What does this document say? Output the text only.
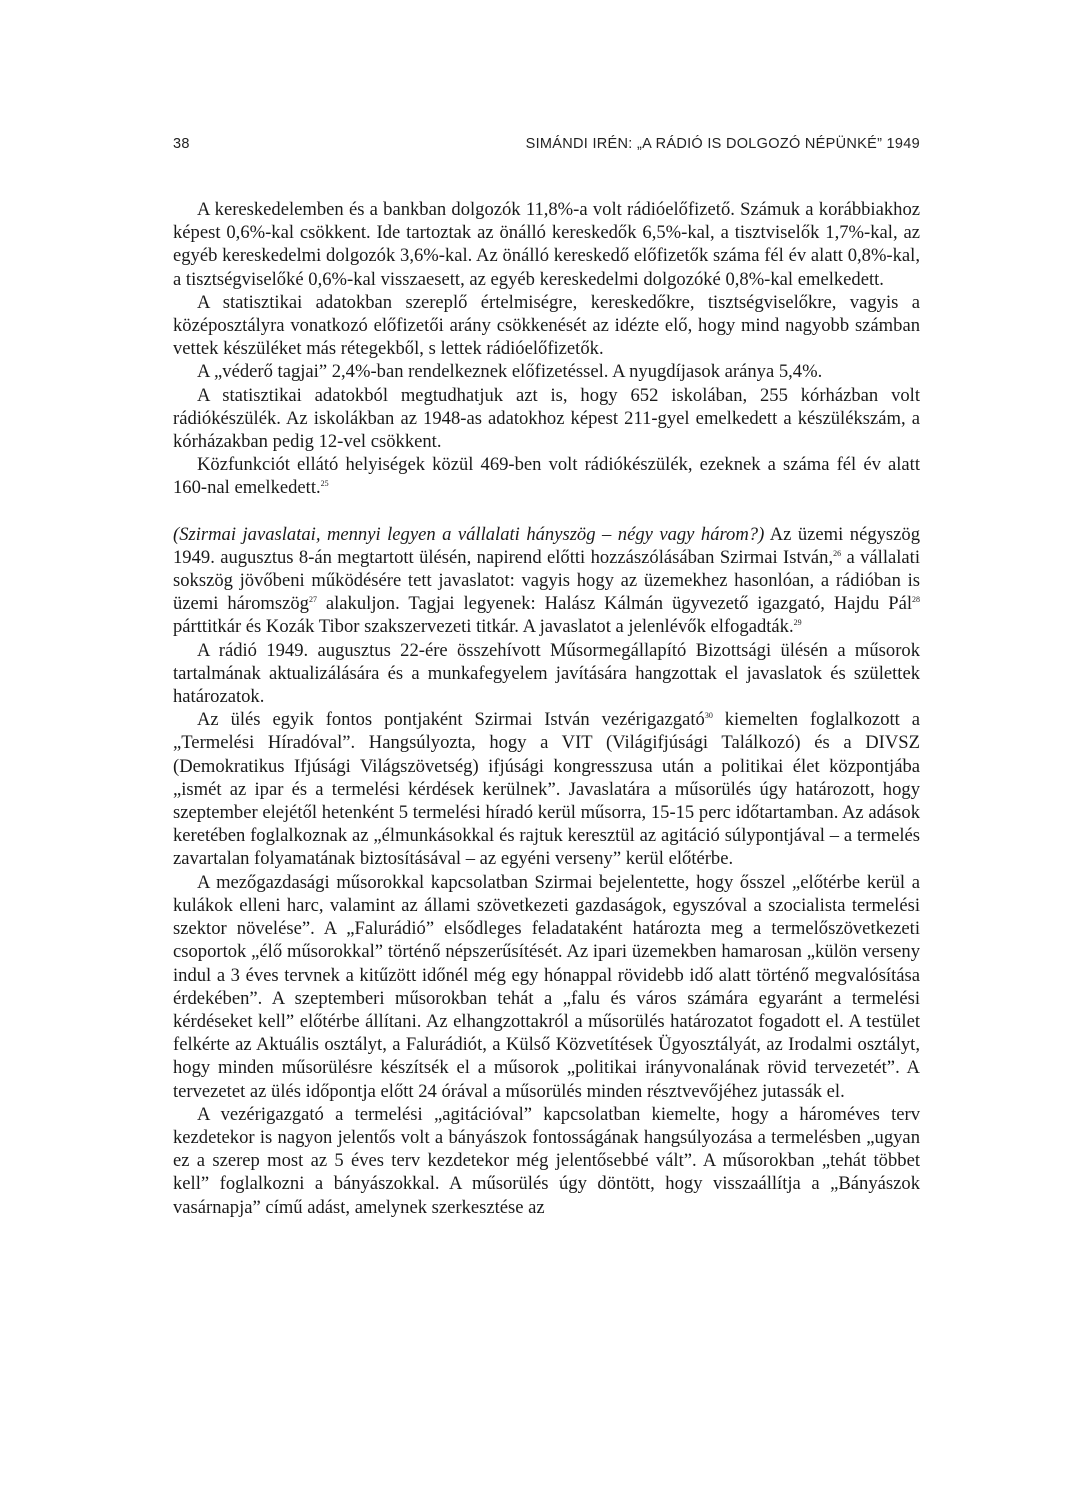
38	SIMÁNDI IRÉN: „A RÁDIÓ IS DOLGOZÓ NÉPÜNKÉ” 1949

A kereskedelemben és a bankban dolgozók 11,8%-a volt rádióelőfizető. Számuk a korábbiakhoz képest 0,6%-kal csökkent. Ide tartoztak az önálló kereskedők 6,5%-kal, a tisztviselők 1,7%-kal, az egyéb kereskedelmi dolgozók 3,6%-kal. Az önálló kereskedő előfizetők száma fél év alatt 0,8%-kal, a tisztségviselőké 0,6%-kal visszaesett, az egyéb kereskedelmi dolgozóké 0,8%-kal emelkedett.

A statisztikai adatokban szereplő értelmiségre, kereskedőkre, tisztségviselőkre, vagyis a középosztályra vonatkozó előfizetői arány csökkenését az idézte elő, hogy mind nagyobb számban vettek készüléket más rétegekből, s lettek rádióelőfizetők.

A „véderő tagjai” 2,4%-ban rendelkeznek előfizetéssel. A nyugdíjasok aránya 5,4%.

A statisztikai adatokból megtudhatjuk azt is, hogy 652 iskolában, 255 kórházban volt rádiókészülék. Az iskolákban az 1948-as adatokhoz képest 211-gyel emelkedett a készülékszám, a kórházakban pedig 12-vel csökkent.

Közfunkciót ellátó helyiségek közül 469-ben volt rádiókészülék, ezeknek a száma fél év alatt 160-nal emelkedett.$^{25}$

(Szirmai javaslatai, mennyi legyen a vállalati hányszög – négy vagy három?) Az üzemi négyszög 1949. augusztus 8-án megtartott ülésén, napirend előtti hozzászólásában Szirmai István,$^{26}$ a vállalati sokszög jövőbeni működésére tett javaslatot: vagyis hogy az üzemekhez hasonlóan, a rádióban is üzemi háromszög$^{27}$ alakuljon. Tagjai legyenek: Halász Kálmán ügyvezető igazgató, Hajdu Pál$^{28}$ párttitkár és Kozák Tibor szakszervezeti titkár. A javaslatot a jelenlévők elfogadták.$^{29}$

A rádió 1949. augusztus 22-ére összehívott Műsormegállapító Bizottsági ülésén a műsorok tartalmának aktualizálására és a munkafegyelem javítására hangzottak el javaslatok és születtek határozatok.

Az ülés egyik fontos pontjaként Szirmai István vezérigazgató$^{30}$ kiemelten foglalkozott a „Termelési Híradóval”. Hangsúlyozta, hogy a VIT (Világifjúsági Találkozó) és a DIVSZ (Demokratikus Ifjúsági Világszövetség) ifjúsági kongresszusa után a politikai élet központjába „ismét az ipar és a termelési kérdések kerülnek”. Javaslatára a műsorülés úgy határozott, hogy szeptember elejétől hetenként 5 termelési híradó kerül műsorra, 15-15 perc időtartamban. Az adások keretében foglalkoznak az „élmunkásokkal és rajtuk keresztül az agitáció súlypontjával – a termelés zavartalan folyamatának biztosításával – az egyéni verseny” kerül előtérbe.

A mezőgazdasági műsorokkal kapcsolatban Szirmai bejelentette, hogy ősszel „előtérbe kerül a kulákok elleni harc, valamint az állami szövetkezeti gazdaságok, egyszóval a szocialista termelési szektor növelése”. A „Falurádió” elsődleges feladataként határozta meg a termelőszövetkezeti csoportok „élő műsorokkal” történő népszerűsítését. Az ipari üzemekben hamarosan „külön verseny indul a 3 éves tervnek a kitűzött időnél még egy hónappal rövidebb idő alatt történő megvalósítása érdekében”. A szeptemberi műsorokban tehát a „falu és város számára egyaránt a termelési kérdéseket kell” előtérbe állítani. Az elhangzottakról a műsorülés határozatot fogadott el. A testület felkérte az Aktuális osztályt, a Falurádiót, a Külső Közvetítések Ügyosztályát, az Irodalmi osztályt, hogy minden műsorülésre készítsék el a műsorok „politikai irányvonalának rövid tervezetét”. A tervezetet az ülés időpontja előtt 24 órával a műsorülés minden résztvevőjéhez jutassák el.

A vezérigazgató a termelési „agitációval” kapcsolatban kiemelte, hogy a hároméves terv kezdetekor is nagyon jelentős volt a bányászok fontosságának hangsúlyozása a termelésben „ugyan ez a szerep most az 5 éves terv kezdetekor még jelentősebbé vált”. A műsorokban „tehát többet kell” foglalkozni a bányászokkal. A műsorülés úgy döntött, hogy visszaállítja a „Bányászok vasárnapja” című adást, amelynek szerkesztése az
